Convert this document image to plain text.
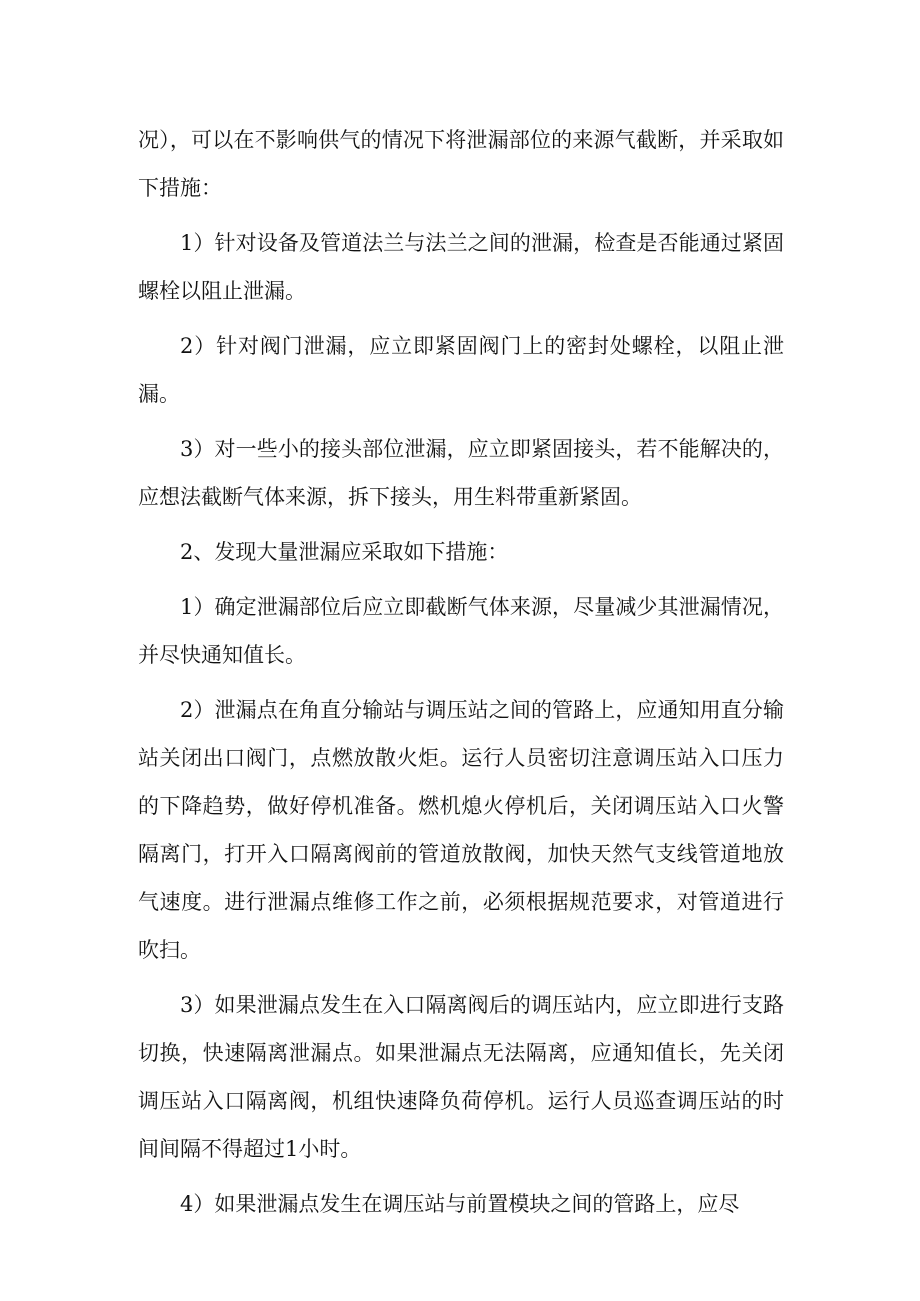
况），可以在不影响供气的情况下将泄漏部位的来源气截断，并采取如下措施：

1）针对设备及管道法兰与法兰之间的泄漏，检查是否能通过紧固螺栓以阻止泄漏。

2）针对阀门泄漏，应立即紧固阀门上的密封处螺栓，以阻止泄漏。

3）对一些小的接头部位泄漏，应立即紧固接头，若不能解决的，应想法截断气体来源，拆下接头，用生料带重新紧固。

2、发现大量泄漏应采取如下措施：

1）确定泄漏部位后应立即截断气体来源，尽量减少其泄漏情况，并尽快通知值长。

2）泄漏点在角直分输站与调压站之间的管路上，应通知用直分输站关闭出口阀门，点燃放散火炬。运行人员密切注意调压站入口压力的下降趋势，做好停机准备。燃机熄火停机后，关闭调压站入口火警隔离门，打开入口隔离阀前的管道放散阀，加快天然气支线管道地放气速度。进行泄漏点维修工作之前，必须根据规范要求，对管道进行吹扫。

3）如果泄漏点发生在入口隔离阀后的调压站内，应立即进行支路切换，快速隔离泄漏点。如果泄漏点无法隔离，应通知值长，先关闭调压站入口隔离阀，机组快速降负荷停机。运行人员巡查调压站的时间间隔不得超过1小时。

4）如果泄漏点发生在调压站与前置模块之间的管路上，应尽
